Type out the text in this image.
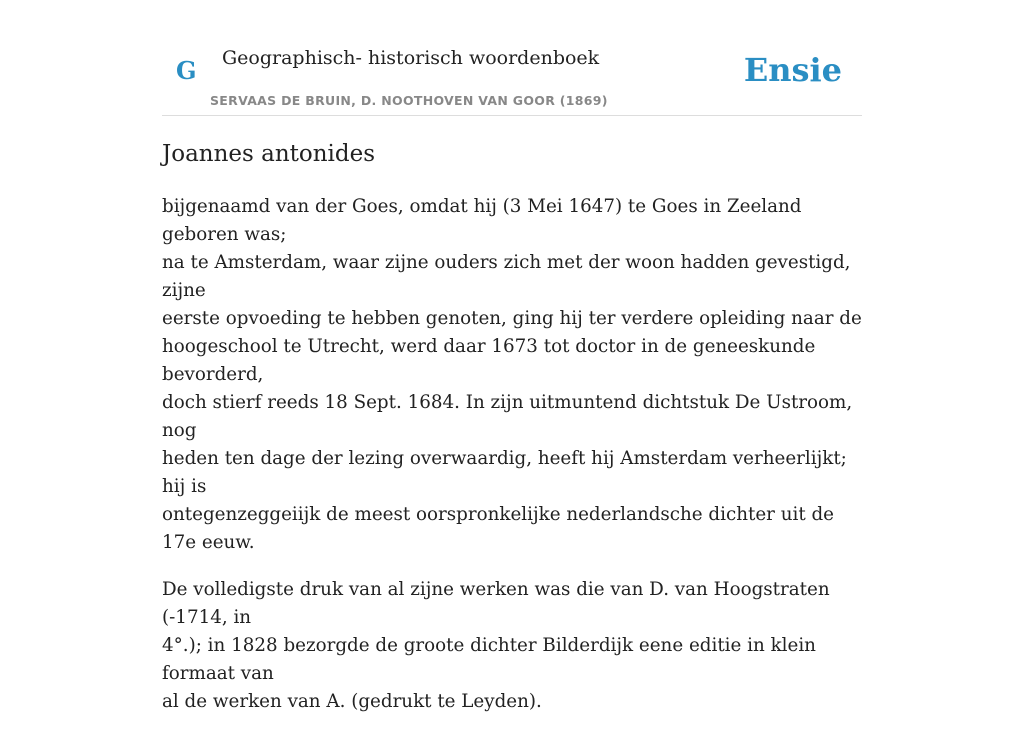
G Geographisch- historisch woordenboek
SERVAAS DE BRUIN, D. NOOTHOVEN VAN GOOR (1869)
Ensie
Joannes antonides

bijgenaamd van der Goes, omdat hij (3 Mei 1647) te Goes in Zeeland geboren was;
na te Amsterdam, waar zijne ouders zich met der woon hadden gevestigd, zijne
eerste opvoeding te hebben genoten, ging hij ter verdere opleiding naar de
hoogeschool te Utrecht, werd daar 1673 tot doctor in de geneeskunde bevorderd,
doch stierf reeds 18 Sept. 1684. In zijn uitmuntend dichtstuk De Ustroom, nog
heden ten dage der lezing overwaardig, heeft hij Amsterdam verheerlijkt; hij is
ontegenzeggeiijk de meest oorspronkelijke nederlandsche dichter uit de 17e eeuw.

De volledigste druk van al zijne werken was die van D. van Hoogstraten (-1714, in
4°.); in 1828 bezorgde de groote dichter Bilderdijk eene editie in klein formaat van
al de werken van A. (gedrukt te Leyden).
